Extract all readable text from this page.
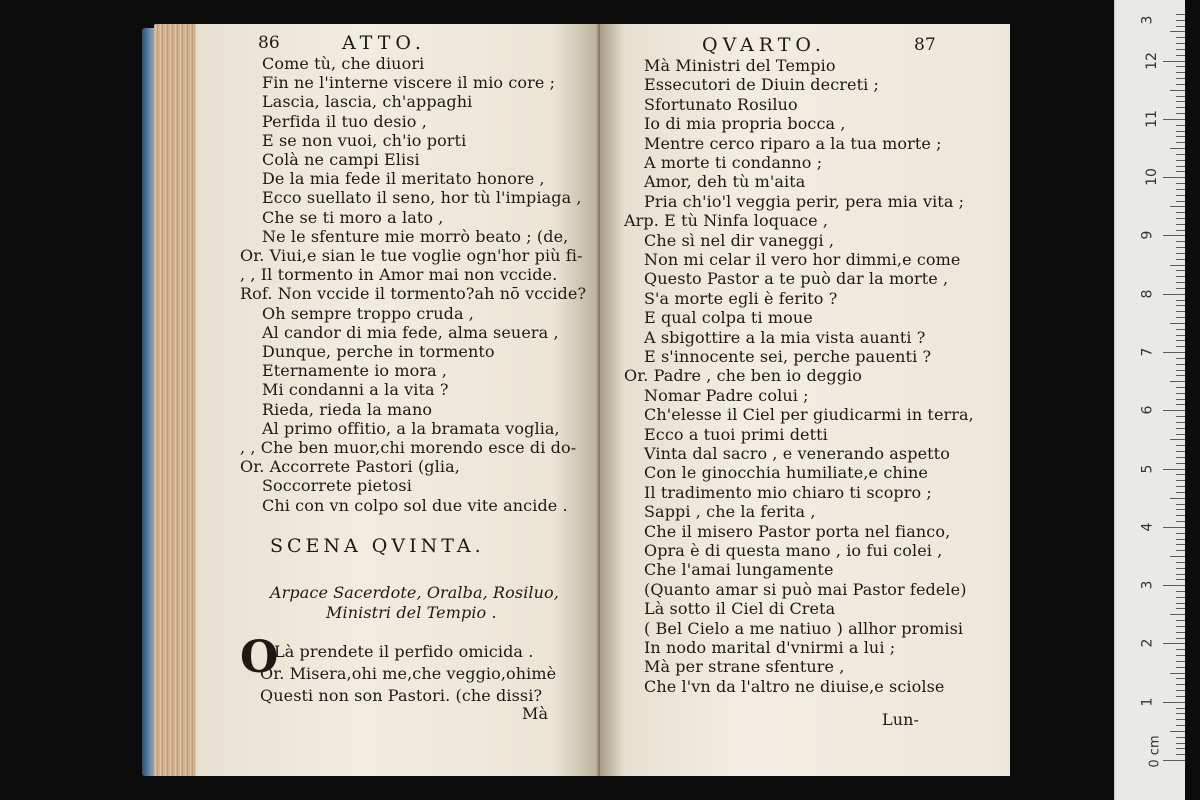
86	ATTO.
Come tù, che diuori
Fin ne l'interne viscere il mio core ;
Lascia, lascia, ch'appaghi
Perfida il tuo desio ,
E se non vuoi, ch'io porti
Colà ne campi Elisi
De la mia fede il meritato honore ,
Ecco suellato il seno, hor tù l'impiaga ,
Che se ti moro a lato ,
Ne le sfenture mie morrò beato ; (de,
Or. Viui,e sian le tue voglie ogn'hor più fi-
, , Il tormento in Amor mai non vccide.
Rof. Non vccide il tormento?ah nō vccide?
Oh sempre troppo cruda ,
Al candor di mia fede, alma seuera ,
Dunque, perche in tormento
Eternamente io mora ,
Mi condanni a la vita ?
Rieda, rieda la mano
Al primo offitio, a la bramata voglia,
, , Che ben muor,chi morendo esce di do-
Or. Accorrete Pastori (glia,
Soccorrete pietosi
Chi con vn colpo sol due vite ancide .
SCENA QVINTA.
Arpace Sacerdote, Oralba, Rosiluo,
Ministri del Tempio .
O
Là prendete il perfido omicida .
Or. Misera,ohi me,che veggio,ohimè
Questi non son Pastori. (che dissi?
Mà
QVARTO.	87
Mà Ministri del Tempio
Essecutori de Diuin decreti ;
Sfortunato Rosiluo
Io di mia propria bocca ,
Mentre cerco riparo a la tua morte ;
A morte ti condanno ;
Amor, deh tù m'aita
Pria ch'io'l veggia perir, pera mia vita ;
Arp. E tù Ninfa loquace ,
Che sì nel dir vaneggi ,
Non mi celar il vero hor dimmi,e come
Questo Pastor a te può dar la morte ,
S'a morte egli è ferito ?
E qual colpa ti moue
A sbigottire a la mia vista auanti ?
E s'innocente sei, perche pauenti ?
Or. Padre , che ben io deggio
Nomar Padre colui ;
Ch'elesse il Ciel per giudicarmi in terra,
Ecco a tuoi primi detti
Vinta dal sacro , e venerando aspetto
Con le ginocchia humiliate,e chine
Il tradimento mio chiaro ti scopro ;
Sappi , che la ferita ,
Che il misero Pastor porta nel fianco,
Opra è di questa mano , io fui colei ,
Che l'amai lungamente
(Quanto amar si può mai Pastor fedele)
Là sotto il Ciel di Creta
( Bel Cielo a me natiuo ) allhor promisi
In nodo marital d'vnirmi a lui ;
Mà per strane sfenture ,
Che l'vn da l'altro ne diuise,e sciolse
Lun-
3
12
11
10
9
8
7
6
5
4
3
2
1
0 cm
